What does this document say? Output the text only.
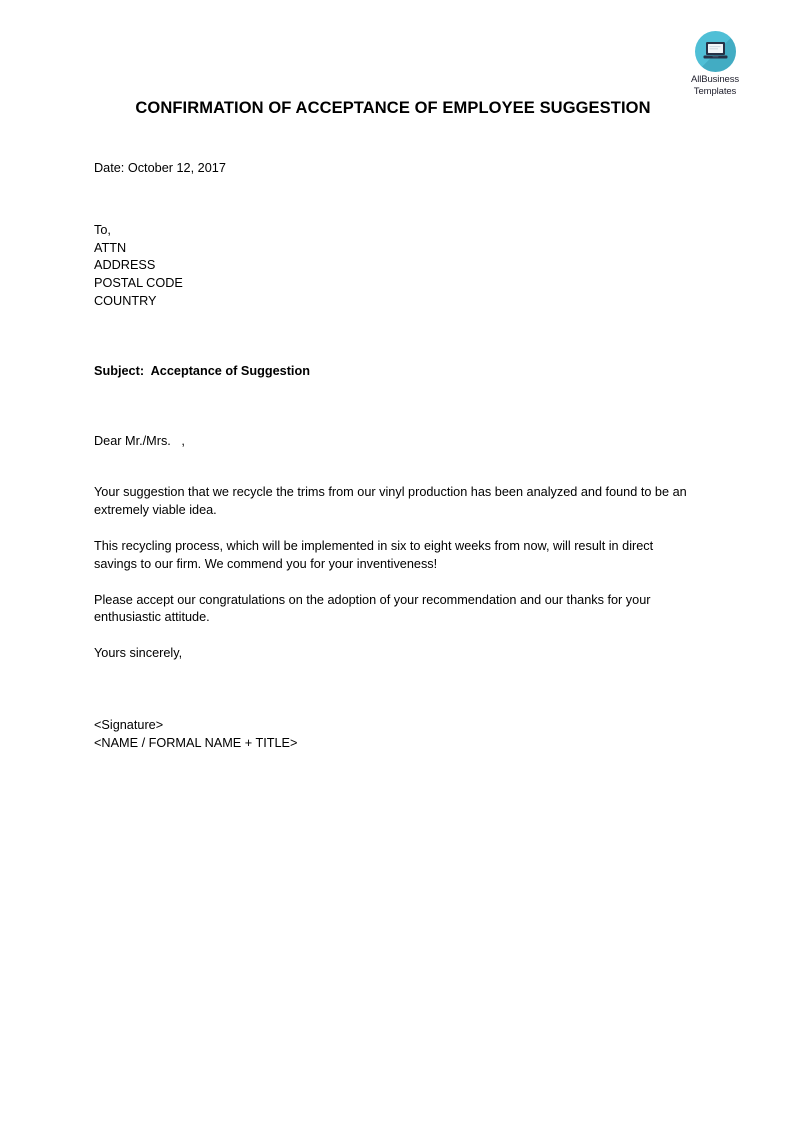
AllBusiness
Templates
CONFIRMATION OF ACCEPTANCE OF EMPLOYEE SUGGESTION

Date: October 12, 2017

To,

ATTN

ADDRESS

POSTAL CODE

COUNTRY

Subject:  Acceptance of Suggestion

Dear Mr./Mrs.   ,

Your suggestion that we recycle the trims from our vinyl production has been analyzed and found to be an extremely viable idea.

This recycling process, which will be implemented in six to eight weeks from now, will result in direct savings to our firm. We commend you for your inventiveness!

Please accept our congratulations on the adoption of your recommendation and our thanks for your enthusiastic attitude.

Yours sincerely,

<Signature>

<NAME / FORMAL NAME + TITLE>
